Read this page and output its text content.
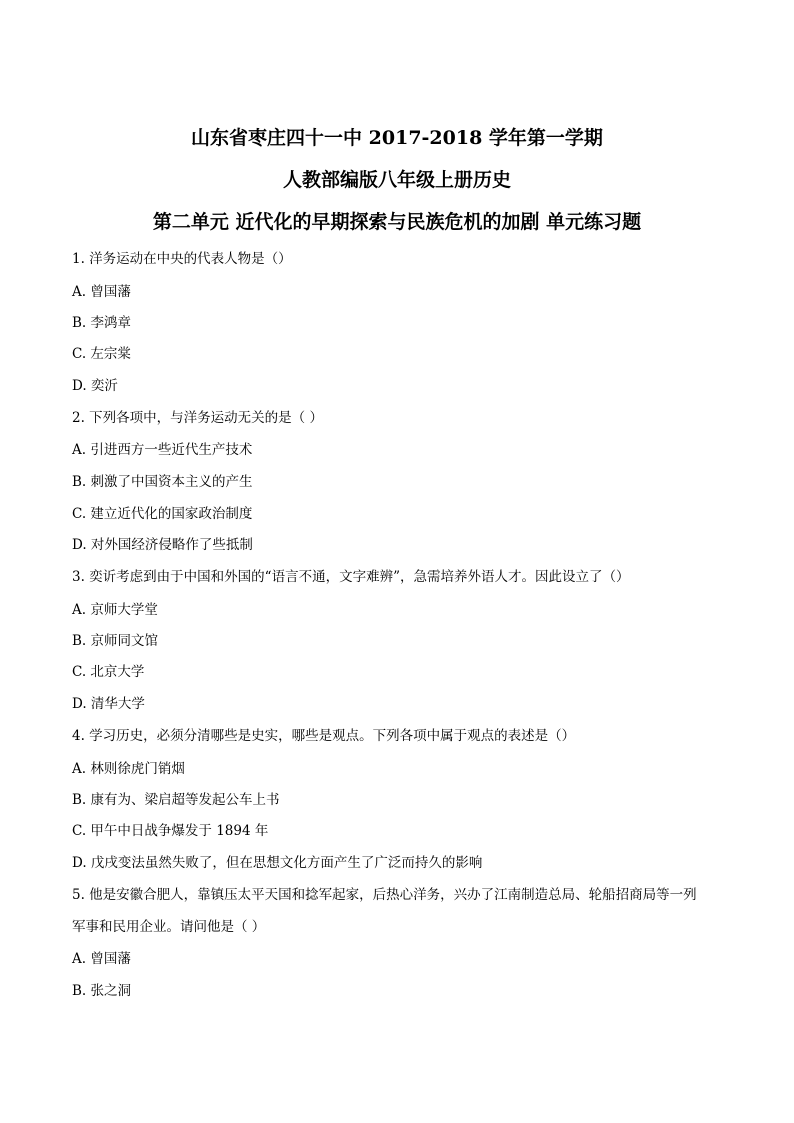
山东省枣庄四十一中 2017-2018 学年第一学期
人教部编版八年级上册历史
第二单元 近代化的早期探索与民族危机的加剧 单元练习题
1. 洋务运动在中央的代表人物是（）
A. 曾国藩
B. 李鸿章
C. 左宗棠
D. 奕沂
2. 下列各项中，与洋务运动无关的是（ ）
A. 引进西方一些近代生产技术
B. 刺激了中国资本主义的产生
C. 建立近代化的国家政治制度
D. 对外国经济侵略作了些抵制
3. 奕䜣考虑到由于中国和外国的“语言不通，文字难辨”，急需培养外语人才。因此设立了（）
A. 京师大学堂
B. 京师同文馆
C. 北京大学
D. 清华大学
4. 学习历史，必须分清哪些是史实，哪些是观点。下列各项中属于观点的表述是（）
A. 林则徐虎门销烟
B. 康有为、梁启超等发起公车上书
C. 甲午中日战争爆发于 1894 年
D. 戊戌变法虽然失败了，但在思想文化方面产生了广泛而持久的影响
5. 他是安徽合肥人，靠镇压太平天国和捻军起家，后热心洋务，兴办了江南制造总局、轮船招商局等一列
军事和民用企业。请问他是（ ）
A. 曾国藩
B. 张之洞
